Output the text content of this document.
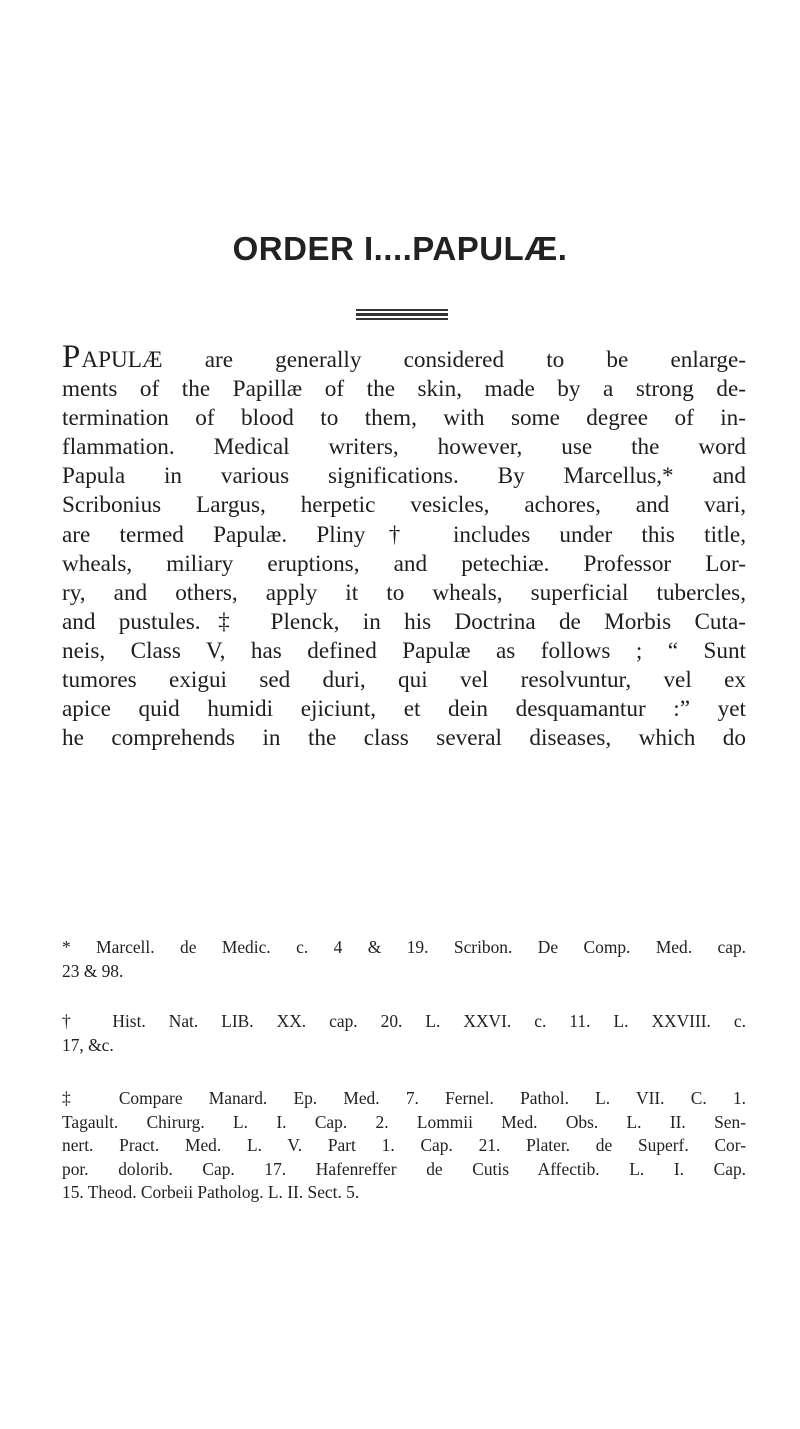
ORDER I....PAPULÆ.
PAPULÆ are generally considered to be enlarge-
ments of the Papillæ of the skin, made by a strong de-
termination of blood to them, with some degree of in-
flammation. Medical writers, however, use the word
Papula in various significations. By Marcellus,* and
Scribonius Largus, herpetic vesicles, achores, and vari,
are termed Papulæ. Pliny† includes under this title,
wheals, miliary eruptions, and petechiæ. Professor Lor-
ry, and others, apply it to wheals, superficial tubercles,
and pustules.‡ Plenck, in his Doctrina de Morbis Cuta-
neis, Class V, has defined Papulæ as follows ; “ Sunt
tumores exigui sed duri, qui vel resolvuntur, vel ex
apice quid humidi ejiciunt, et dein desquamantur :” yet
he comprehends in the class several diseases, which do
* Marcell. de Medic. c. 4 & 19. Scribon. De Comp. Med. cap.
23 & 98.
† Hist. Nat. LIB. XX. cap. 20. L. XXVI. c. 11. L. XXVIII. c.
17, &c.
‡ Compare Manard. Ep. Med. 7. Fernel. Pathol. L. VII. C. 1.
Tagault. Chirurg. L. I. Cap. 2. Lommii Med. Obs. L. II. Sen-
nert. Pract. Med. L. V. Part 1. Cap. 21. Plater. de Superf. Cor-
por. dolorib. Cap. 17. Hafenreffer de Cutis Affectib. L. I. Cap.
15. Theod. Corbeii Patholog. L. II. Sect. 5.
